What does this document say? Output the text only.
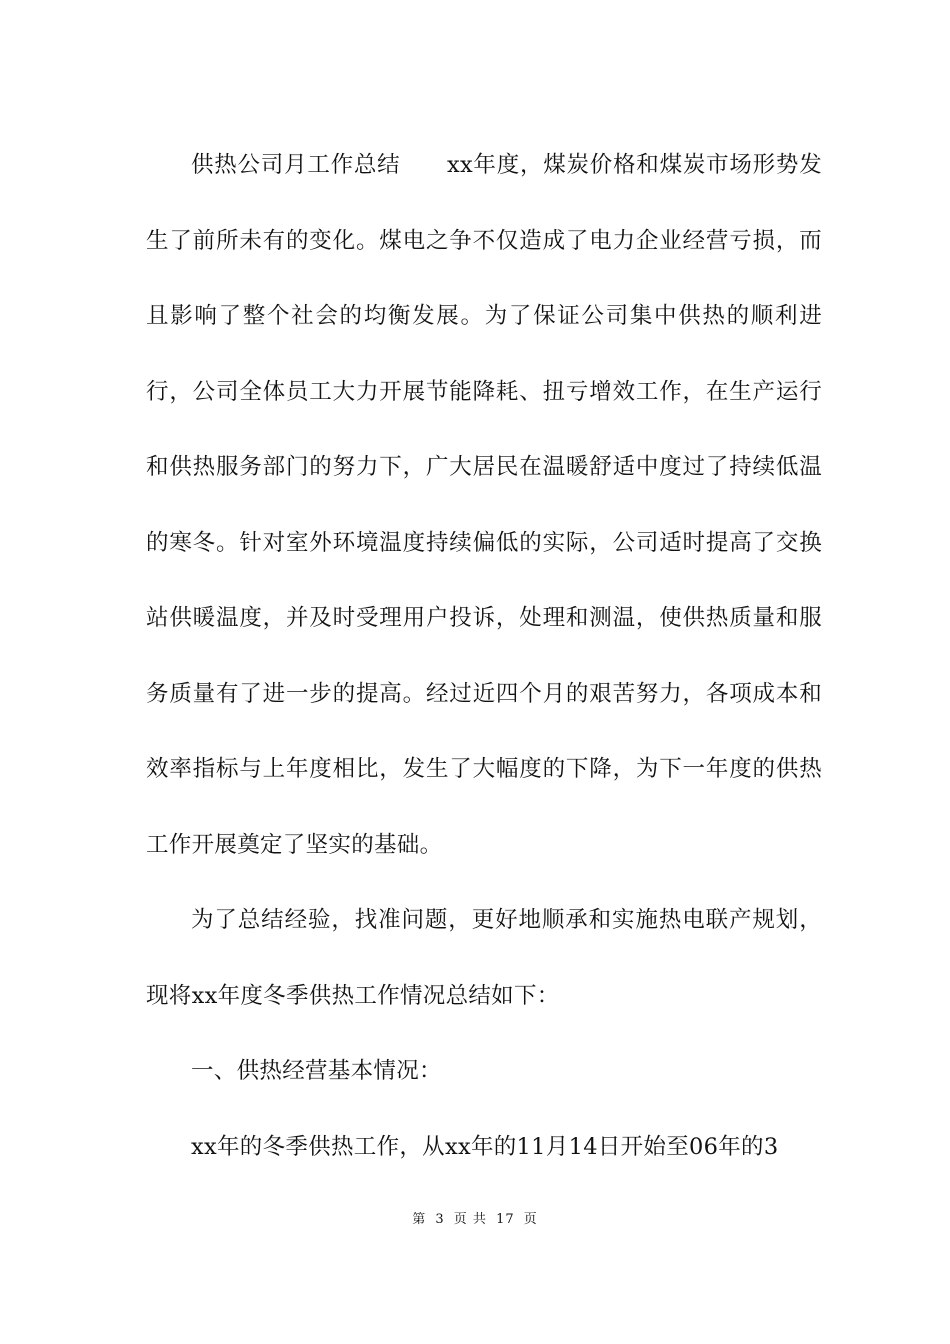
供热公司月工作总结　　xx年度，煤炭价格和煤炭市场形势发生了前所未有的变化。煤电之争不仅造成了电力企业经营亏损，而且影响了整个社会的均衡发展。为了保证公司集中供热的顺利进行，公司全体员工大力开展节能降耗、扭亏增效工作，在生产运行和供热服务部门的努力下，广大居民在温暖舒适中度过了持续低温的寒冬。针对室外环境温度持续偏低的实际，公司适时提高了交换站供暖温度，并及时受理用户投诉，处理和测温，使供热质量和服务质量有了进一步的提高。经过近四个月的艰苦努力，各项成本和效率指标与上年度相比，发生了大幅度的下降，为下一年度的供热工作开展奠定了坚实的基础。

为了总结经验，找准问题，更好地顺承和实施热电联产规划，现将xx年度冬季供热工作情况总结如下：

一、供热经营基本情况：

xx年的冬季供热工作，从xx年的11月14日开始至06年的3

第 3 页 共 17 页
